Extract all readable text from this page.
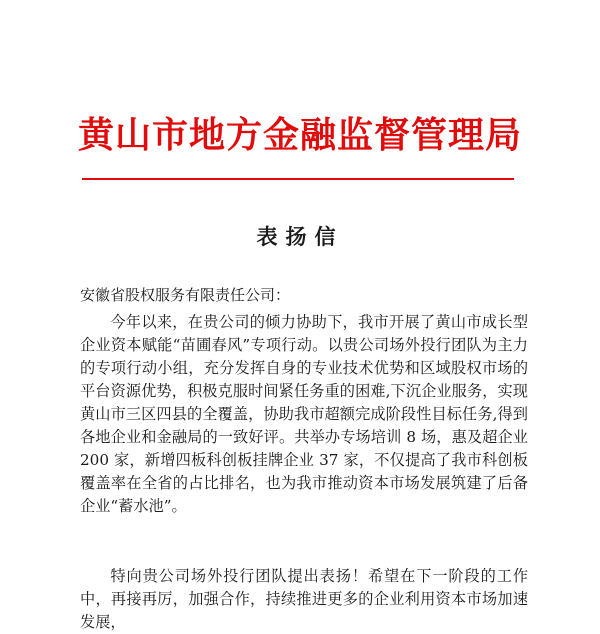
黄山市地方金融监督管理局
表扬信
安徽省股权服务有限责任公司：

今年以来，在贵公司的倾力协助下，我市开展了黄山市成长型企业资本赋能“苗圃春风”专项行动。以贵公司场外投行团队为主力的专项行动小组，充分发挥自身的专业技术优势和区域股权市场的平台资源优势，积极克服时间紧任务重的困难,下沉企业服务，实现黄山市三区四县的全覆盖，协助我市超额完成阶段性目标任务,得到各地企业和金融局的一致好评。共举办专场培训 8 场，惠及超企业 200 家，新增四板科创板挂牌企业 37 家，不仅提高了我市科创板覆盖率在全省的占比排名，也为我市推动资本市场发展筑建了后备企业“蓄水池”。

特向贵公司场外投行团队提出表扬！希望在下一阶段的工作中，再接再厉，加强合作，持续推进更多的企业利用资本市场加速发展，
